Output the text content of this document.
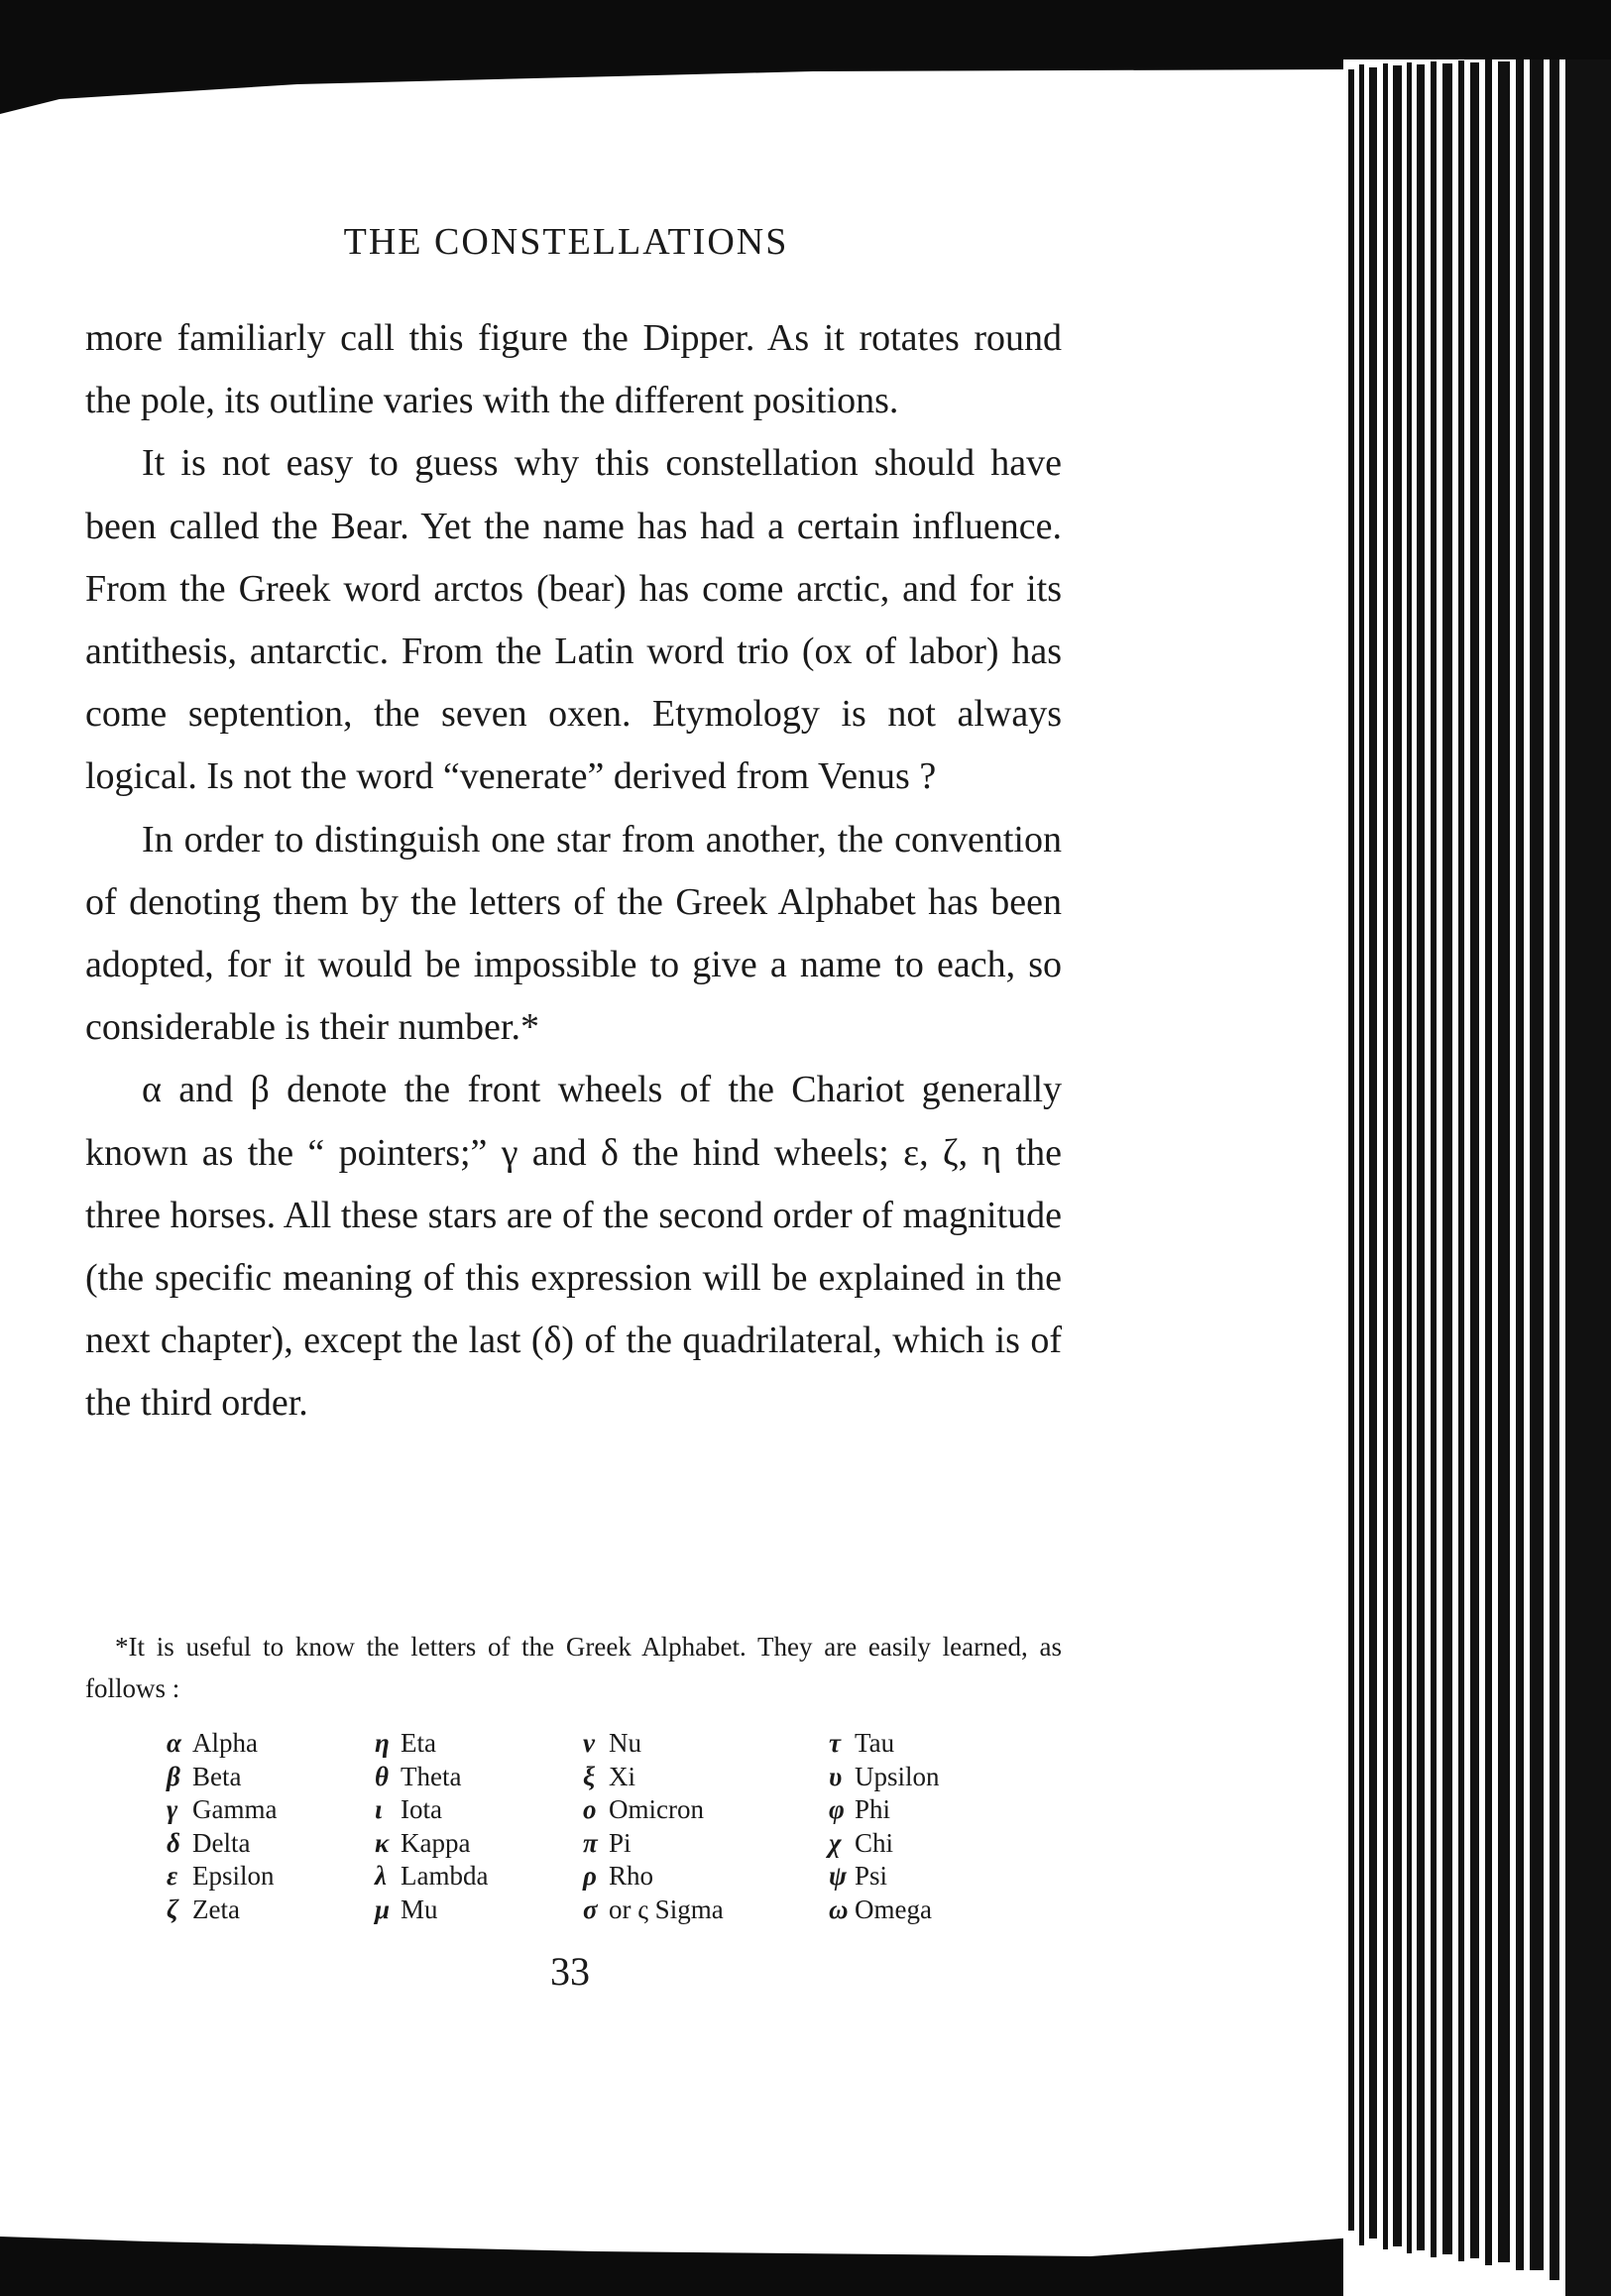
THE CONSTELLATIONS

more familiarly call this figure the Dipper. As it rotates round the pole, its outline varies with the different positions.

It is not easy to guess why this constellation should have been called the Bear. Yet the name has had a certain influence. From the Greek word arctos (bear) has come arctic, and for its antithesis, antarctic. From the Latin word trio (ox of labor) has come septention, the seven oxen. Etymology is not always logical. Is not the word “venerate” derived from Venus ?

In order to distinguish one star from another, the convention of denoting them by the letters of the Greek Alphabet has been adopted, for it would be impossible to give a name to each, so considerable is their number.*

α and β denote the front wheels of the Chariot generally known as the “ pointers;” γ and δ the hind wheels; ε, ζ, η the three horses. All these stars are of the second order of magnitude (the specific meaning of this expression will be explained in the next chapter), except the last (δ) of the quadrilateral, which is of the third order.

*It is useful to know the letters of the Greek Alphabet. They are easily learned, as follows :
α Alpha
β Beta
γ Gamma
δ Delta
ε Epsilon
ζ Zeta
η Eta
θ Theta
ι Iota
κ Kappa
λ Lambda
μ Mu
ν Nu
ξ Xi
ο Omicron
π Pi
ρ Rho
σ or ς Sigma
τ Tau
υ Upsilon
φ Phi
χ Chi
ψ Psi
ω Omega
33
